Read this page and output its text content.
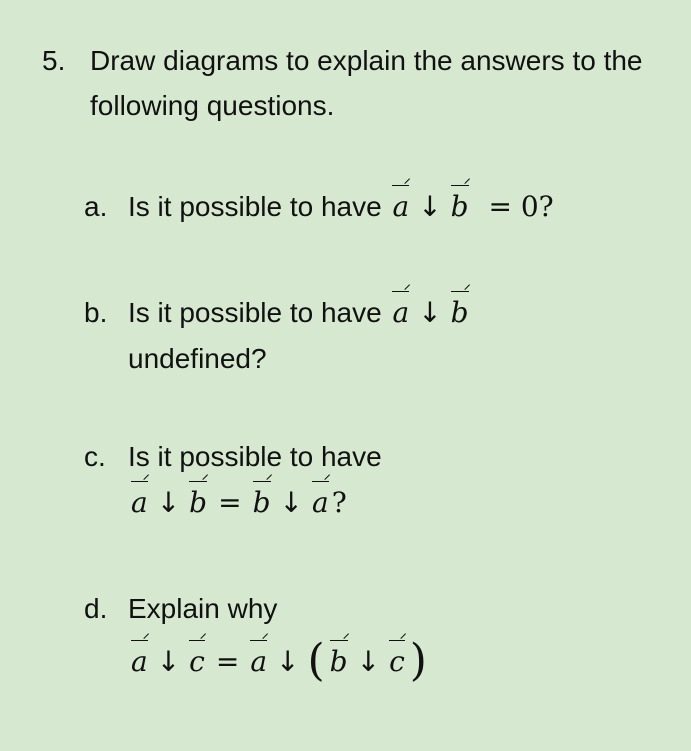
5. Draw diagrams to explain the answers to the following questions.
a. Is it possible to have a ↓ b = 0?
b. Is it possible to have a ↓ b
undefined?
c. Is it possible to have
a ↓ b = b ↓ a ?
d. Explain why
a ↓ c = a ↓ ( b ↓ c )
